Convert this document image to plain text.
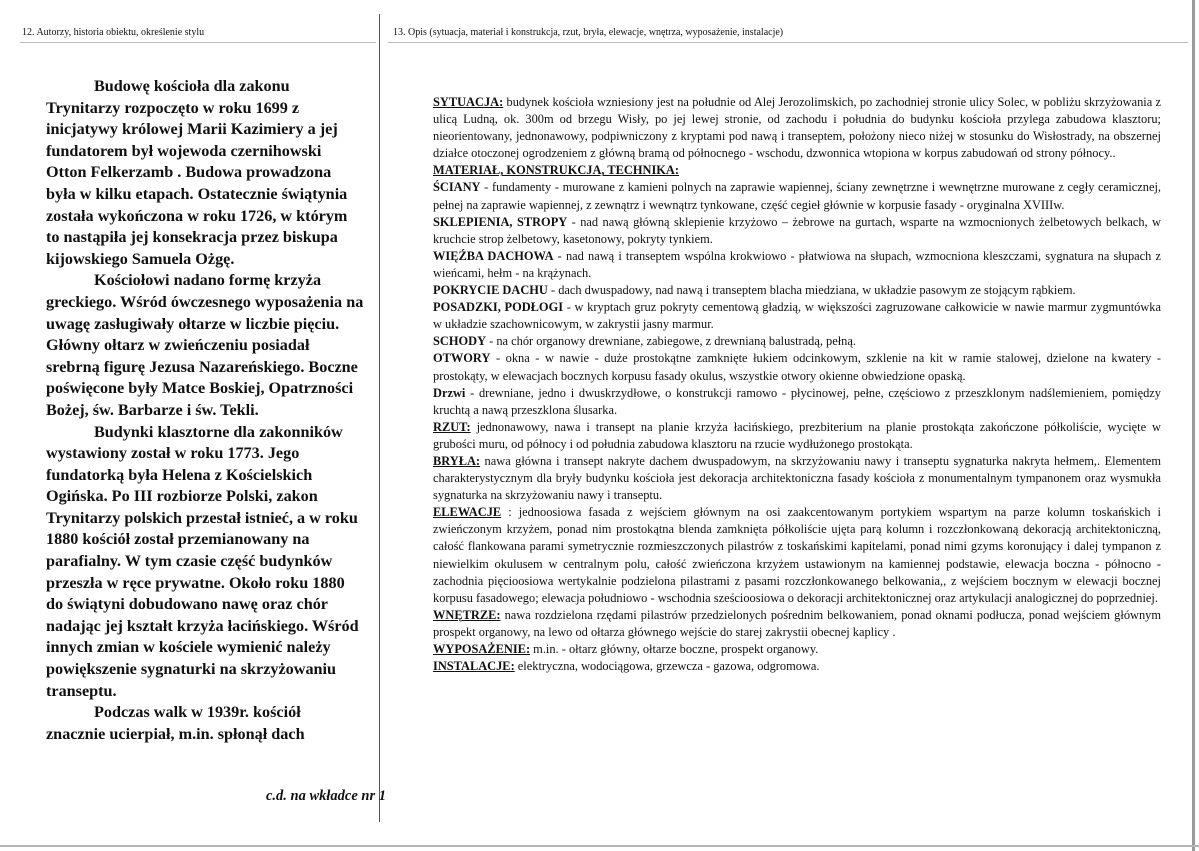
12. Autorzy, historia obiektu, określenie stylu	13. Opis (sytuacja, materiał i konstrukcja, rzut, bryła, elewacje, wnętrza, wyposażenie, instalacje)

Budowę kościoła dla zakonu Trynitarzy rozpoczęto w roku 1699 z inicjatywy królowej Marii Kazimiery a jej fundatorem był wojewoda czernihowski Otton Felkerzamb . Budowa prowadzona była w kilku etapach. Ostatecznie świątynia została wykończona w roku 1726, w którym to nastąpiła jej konsekracja przez biskupa kijowskiego Samuela Ożgę.

Kościołowi nadano formę krzyża greckiego. Wśród ówczesnego wyposażenia na uwagę zasługiwały ołtarze w liczbie pięciu. Główny ołtarz w zwieńczeniu posiadał srebrną figurę Jezusa Nazareńskiego. Boczne poświęcone były Matce Boskiej, Opatrzności Bożej, św. Barbarze i św. Tekli.

Budynki klasztorne dla zakonników wystawiony został w roku 1773. Jego fundatorką była Helena z Kościelskich Ogińska. Po III rozbiorze Polski, zakon Trynitarzy polskich przestał istnieć, a w roku 1880 kościół został przemianowany na parafialny. W tym czasie część budynków przeszła w ręce prywatne. Około roku 1880 do świątyni dobudowano nawę oraz chór nadając jej kształt krzyża łacińskiego. Wśród innych zmian w kościele wymienić należy powiększenie sygnaturki na skrzyżowaniu transeptu.

Podczas walk w 1939r. kościół znacznie ucierpiał, m.in. spłonął dach

c.d. na wkładce nr 1

SYTUACJA: budynek kościoła wzniesiony jest na południe od Alej Jerozolimskich, po zachodniej stronie ulicy Solec, w pobliżu skrzyżowania z ulicą Ludną, ok. 300m od brzegu Wisły, po jej lewej stronie, od zachodu i południa do budynku kościoła przylega zabudowa klasztoru; nieorientowany, jednonawowy, podpiwniczony z kryptami pod nawą i transeptem, położony nieco niżej w stosunku do Wisłostrady, na obszernej działce otoczonej ogrodzeniem z główną bramą od północnego - wschodu, dzwonnica wtopiona w korpus zabudowań od strony północy..

MATERIAŁ, KONSTRUKCJA, TECHNIKA:

ŚCIANY - fundamenty - murowane z kamieni polnych na zaprawie wapiennej, ściany zewnętrzne i wewnętrzne murowane z cegły ceramicznej, pełnej na zaprawie wapiennej, z zewnątrz i wewnątrz tynkowane, część cegieł głównie w korpusie fasady - oryginalna XVIIIw.

SKLEPIENIA, STROPY - nad nawą główną sklepienie krzyżowo – żebrowe na gurtach, wsparte na wzmocnionych żelbetowych belkach, w kruchcie strop żelbetowy, kasetonowy, pokryty tynkiem.

WIĘŹBA DACHOWA - nad nawą i transeptem wspólna krokwiowo - płatwiowa na słupach, wzmocniona kleszczami, sygnatura na słupach z wieńcami, hełm - na krążynach.

POKRYCIE DACHU - dach dwuspadowy, nad nawą i transeptem blacha miedziana, w układzie pasowym ze stojącym rąbkiem.

POSADZKI, PODŁOGI - w kryptach gruz pokryty cementową gładzią, w większości zagruzowane całkowicie w nawie marmur zygmuntówka w układzie szachownicowym, w zakrystii jasny marmur.

SCHODY - na chór organowy drewniane, zabiegowe, z drewnianą balustradą, pełną.

OTWORY - okna - w nawie - duże prostokątne zamknięte łukiem odcinkowym, szklenie na kit w ramie stalowej, dzielone na kwatery - prostokąty, w elewacjach bocznych korpusu fasady okulus, wszystkie otwory okienne obwiedzione opaską.

Drzwi - drewniane, jedno i dwuskrzydłowe, o konstrukcji ramowo - płycinowej, pełne, częściowo z przeszklonym nadślemieniem, pomiędzy kruchtą a nawą przeszklona ślusarka.

RZUT: jednonawowy, nawa i transept na planie krzyża łacińskiego, prezbiterium na planie prostokąta zakończone półkoliście, wycięte w grubości muru, od północy i od południa zabudowa klasztoru na rzucie wydłużonego prostokąta.

BRYŁA: nawa główna i transept nakryte dachem dwuspadowym, na skrzyżowaniu nawy i transeptu sygnaturka nakryta hełmem,. Elementem charakterystycznym dla bryły budynku kościoła jest dekoracja architektoniczna fasady kościoła z monumentalnym tympanonem oraz wysmukła sygnaturka na skrzyżowaniu nawy i transeptu.

ELEWACJE : jednoosiowa fasada z wejściem głównym na osi zaakcentowanym portykiem wspartym na parze kolumn toskańskich i zwieńczonym krzyżem, ponad nim prostokątna blenda zamknięta półkoliście ujęta parą kolumn i rozczłonkowaną dekoracją architektoniczną, całość flankowana parami symetrycznie rozmieszczonych pilastrów z toskańskimi kapitelami, ponad nimi gzyms koronujący i dalej tympanon z niewielkim okulusem w centralnym polu, całość zwieńczona krzyżem ustawionym na kamiennej podstawie, elewacja boczna - północno - zachodnia pięcioosiowa wertykalnie podzielona pilastrami z pasami rozczłonkowanego belkowania,, z wejściem bocznym w elewacji bocznej korpusu fasadowego; elewacja południowo - wschodnia sześcioosiowa o dekoracji architektonicznej oraz artykulacji analogicznej do poprzedniej.

WNĘTRZE: nawa rozdzielona rzędami pilastrów przedzielonych pośrednim belkowaniem, ponad oknami podłucza, ponad wejściem głównym prospekt organowy, na lewo od ołtarza głównego wejście do starej zakrystii obecnej kaplicy .

WYPOSAŻENIE: m.in. - ołtarz główny, ołtarze boczne, prospekt organowy.

INSTALACJE: elektryczna, wodociągowa, grzewcza - gazowa, odgromowa.
